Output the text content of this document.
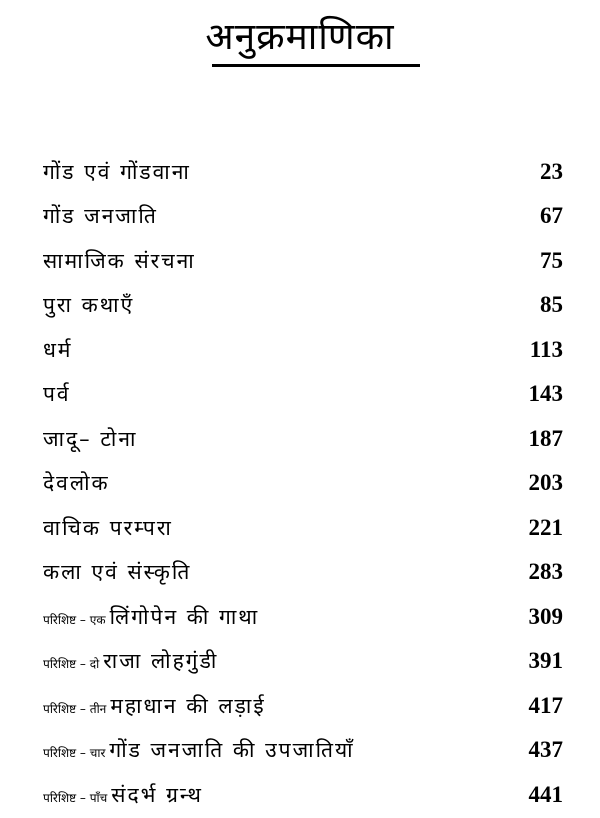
अनुक्रमाणिका
गोंड एवं गोंडवाना	23
गोंड जनजाति	67
सामाजिक संरचना	75
पुरा कथाएँ	85
धर्म	113
पर्व	143
जादू– टोना	187
देवलोक	203
वाचिक परम्परा	221
कला एवं संस्कृति	283
परिशिष्ट – एक लिंगोपेन की गाथा	309
परिशिष्ट – दो राजा लोहगुंडी	391
परिशिष्ट – तीन महाधान की लड़ाई	417
परिशिष्ट – चार गोंड जनजाति की उपजातियाँ	437
परिशिष्ट – पाँच संदर्भ ग्रन्थ	441
